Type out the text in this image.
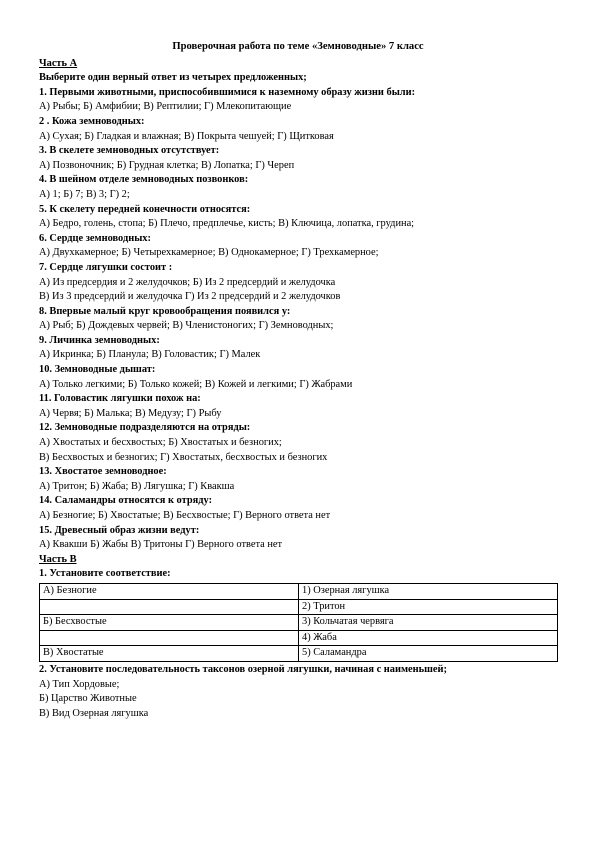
Проверочная работа по теме «Земноводные» 7 класс
Часть А
Выберите один верный ответ из четырех предложенных;
1. Первыми животными, приспособившимися к наземному образу жизни были:
А) Рыбы; Б) Амфибии; В) Рептилии; Г) Млекопитающие
2 . Кожа земноводных:
А) Сухая; Б) Гладкая и влажная; В) Покрыта чешуей; Г) Щитковая
3. В скелете земноводных отсутствует:
А) Позвоночник; Б) Грудная клетка; В) Лопатка; Г) Череп
4. В шейном отделе земноводных позвонков:
А) 1; Б) 7; В) 3; Г) 2;
5. К скелету передней конечности относятся:
А) Бедро, голень, стопа; Б) Плечо, предплечье, кисть; В) Ключица, лопатка, грудина;
6. Сердце земноводных:
А) Двухкамерное; Б) Четырехкамерное; В) Однокамерное; Г) Трехкамерное;
7. Сердце лягушки состоит :
А) Из предсердия и 2 желудочков; Б) Из 2 предсердий и желудочка
В) Из 3 предсердий и желудочка Г) Из 2 предсердий и 2 желудочков
8. Впервые малый круг кровообращения появился у:
А) Рыб; Б) Дождевых червей; В) Членистоногих; Г) Земноводных;
9. Личинка земноводных:
А) Икринка; Б) Планула; В) Головастик; Г) Малек
10. Земноводные дышат:
А) Только легкими; Б) Только кожей; В) Кожей и легкими; Г) Жабрами
11. Головастик лягушки похож на:
А) Червя; Б) Малька; В) Медузу; Г) Рыбу
12. Земноводные подразделяются на отряды:
А) Хвостатых и бесхвостых; Б) Хвостатых и безногих;
В) Бесхвостых и безногих; Г) Хвостатых, бесхвостых и безногих
13. Хвостатое земноводное:
А) Тритон; Б) Жаба; В) Лягушка; Г) Квакша
14. Саламандры относятся к отряду:
А) Безногие; Б) Хвостатые; В) Бесхвостые; Г) Верного ответа нет
15. Древесный образ жизни ведут:
А) Квакши Б) Жабы В) Тритоны Г) Верного ответа нет
Часть В
1. Установите соответствие:
А) Безногие	1) Озерная лягушка
	2) Тритон
Б) Бесхвостые	3) Кольчатая червяга
	4) Жаба
В) Хвостатые	5) Саламандра
2. Установите последовательность таксонов озерной лягушки, начиная с наименьшей;
А) Тип Хордовые;
Б) Царство Животные
В) Вид Озерная лягушка
